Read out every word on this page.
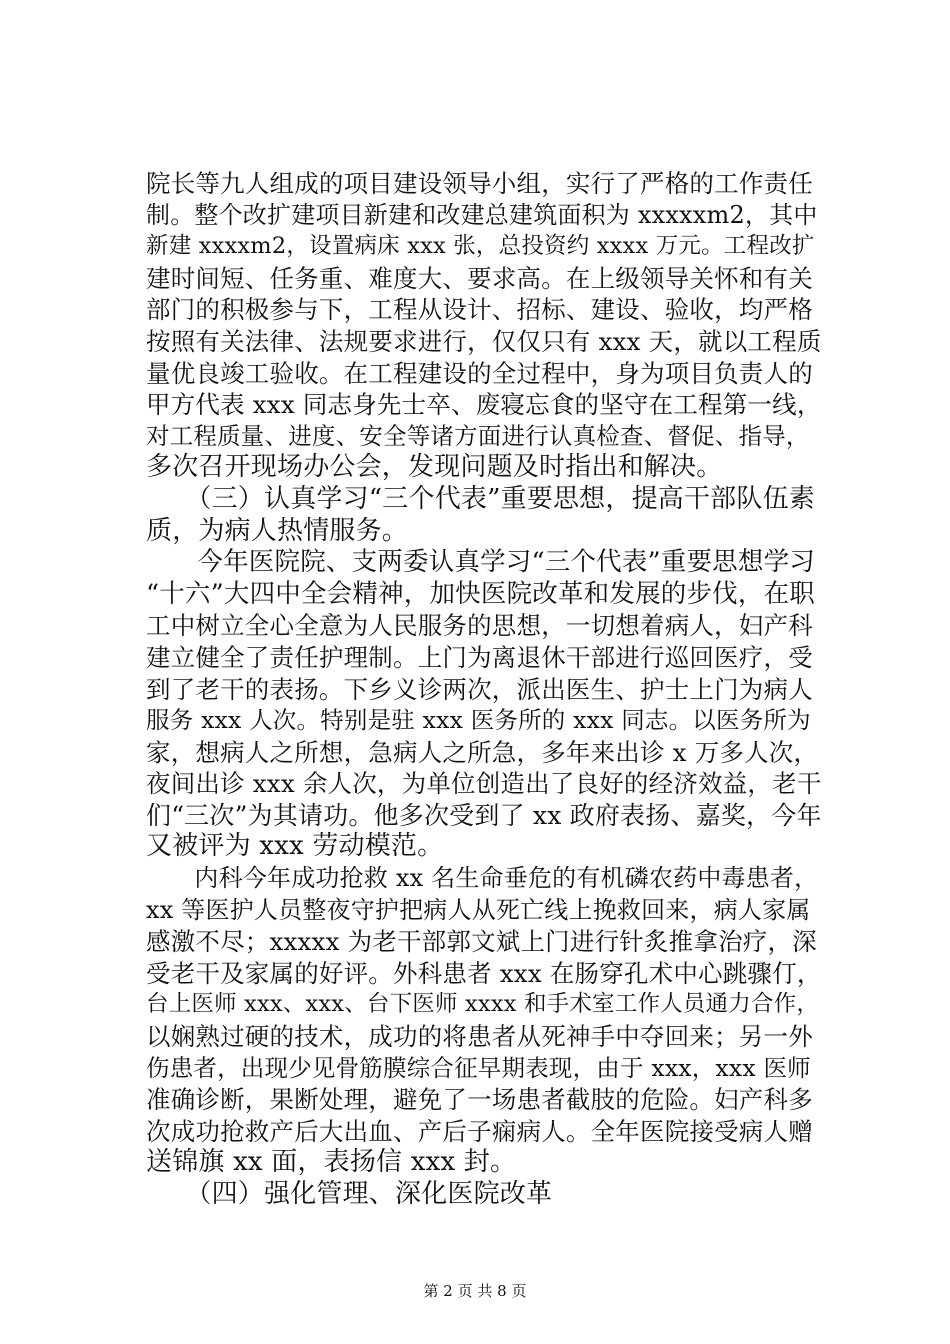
院长等九人组成的项目建设领导小组，实行了严格的工作责任
制。整个改扩建项目新建和改建总建筑面积为 xxxxxm2，其中
新建 xxxxm2，设置病床 xxx 张，总投资约 xxxx 万元。工程改扩
建时间短、任务重、难度大、要求高。在上级领导关怀和有关
部门的积极参与下，工程从设计、招标、建设、验收，均严格
按照有关法律、法规要求进行，仅仅只有 xxx 天，就以工程质
量优良竣工验收。在工程建设的全过程中，身为项目负责人的
甲方代表 xxx 同志身先士卒、废寝忘食的坚守在工程第一线，
对工程质量、进度、安全等诸方面进行认真检查、督促、指导，
多次召开现场办公会，发现问题及时指出和解决。
　　（三）认真学习“三个代表”重要思想，提高干部队伍素
质，为病人热情服务。
　　今年医院院、支两委认真学习“三个代表”重要思想学习
“十六”大四中全会精神，加快医院改革和发展的步伐，在职
工中树立全心全意为人民服务的思想，一切想着病人，妇产科
建立健全了责任护理制。上门为离退休干部进行巡回医疗，受
到了老干的表扬。下乡义诊两次，派出医生、护士上门为病人
服务 xxx 人次。特别是驻 xxx 医务所的 xxx 同志。以医务所为
家，想病人之所想，急病人之所急，多年来出诊 x 万多人次，
夜间出诊 xxx 余人次，为单位创造出了良好的经济效益，老干
们“三次”为其请功。他多次受到了 xx 政府表扬、嘉奖，今年
又被评为 xxx 劳动模范。
　　内科今年成功抢救 xx 名生命垂危的有机磷农药中毒患者，
xx 等医护人员整夜守护把病人从死亡线上挽救回来，病人家属
感激不尽；xxxxx 为老干部郭文斌上门进行针炙推拿治疗，深
受老干及家属的好评。外科患者 xxx 在肠穿孔术中心跳骤仃，
台上医师 xxx、xxx、台下医师 xxxx 和手术室工作人员通力合作，
以娴熟过硬的技术，成功的将患者从死神手中夺回来；另一外
伤患者，出现少见骨筋膜综合征早期表现，由于 xxx，xxx 医师
准确诊断，果断处理，避免了一场患者截肢的危险。妇产科多
次成功抢救产后大出血、产后子痫病人。全年医院接受病人赠
送锦旗 xx 面，表扬信 xxx 封。
　　（四）强化管理、深化医院改革
第 2 页 共 8 页
